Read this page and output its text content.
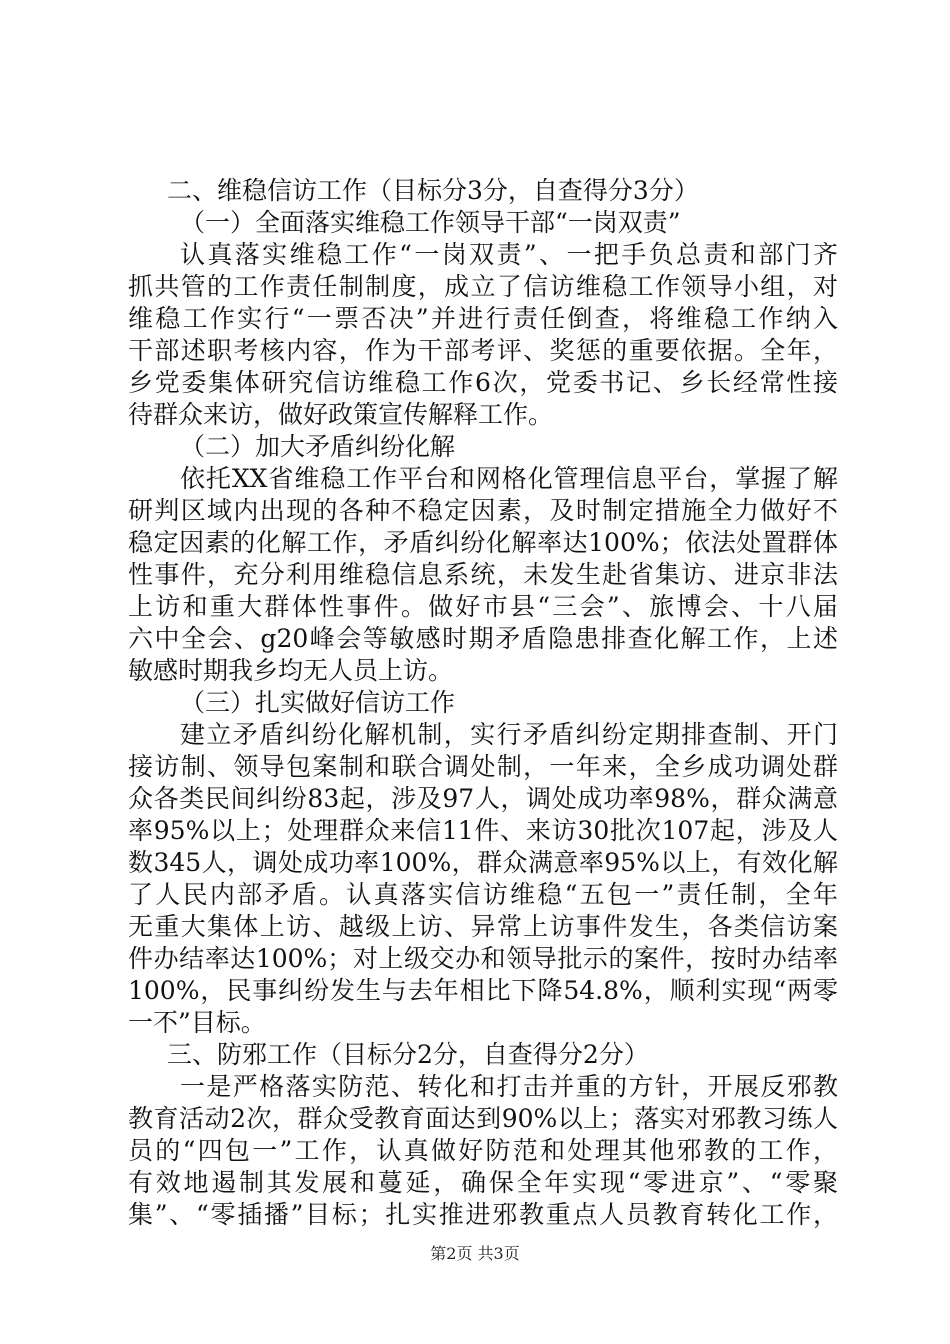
二、维稳信访工作（目标分3分，自查得分3分）
（一）全面落实维稳工作领导干部“一岗双责”
认真落实维稳工作“一岗双责”、一把手负总责和部门齐
抓共管的工作责任制制度，成立了信访维稳工作领导小组，对
维稳工作实行“一票否决”并进行责任倒查，将维稳工作纳入
干部述职考核内容，作为干部考评、奖惩的重要依据。全年，
乡党委集体研究信访维稳工作6次，党委书记、乡长经常性接
待群众来访，做好政策宣传解释工作。
（二）加大矛盾纠纷化解
依托XX省维稳工作平台和网格化管理信息平台，掌握了解
研判区域内出现的各种不稳定因素，及时制定措施全力做好不
稳定因素的化解工作，矛盾纠纷化解率达100%；依法处置群体
性事件，充分利用维稳信息系统，未发生赴省集访、进京非法
上访和重大群体性事件。做好市县“三会”、旅博会、十八届
六中全会、g20峰会等敏感时期矛盾隐患排查化解工作，上述
敏感时期我乡均无人员上访。
（三）扎实做好信访工作
建立矛盾纠纷化解机制，实行矛盾纠纷定期排查制、开门
接访制、领导包案制和联合调处制，一年来，全乡成功调处群
众各类民间纠纷83起，涉及97人，调处成功率98%，群众满意
率95%以上；处理群众来信11件、来访30批次107起，涉及人
数345人，调处成功率100%，群众满意率95%以上，有效化解
了人民内部矛盾。认真落实信访维稳“五包一”责任制，全年
无重大集体上访、越级上访、异常上访事件发生，各类信访案
件办结率达100%；对上级交办和领导批示的案件，按时办结率
100%，民事纠纷发生与去年相比下降54.8%，顺利实现“两零
一不”目标。
三、防邪工作（目标分2分，自查得分2分）
一是严格落实防范、转化和打击并重的方针，开展反邪教
教育活动2次，群众受教育面达到90%以上；落实对邪教习练人
员的“四包一”工作，认真做好防范和处理其他邪教的工作，
有效地遏制其发展和蔓延，确保全年实现“零进京”、“零聚
集”、“零插播”目标；扎实推进邪教重点人员教育转化工作，
第2页 共3页
